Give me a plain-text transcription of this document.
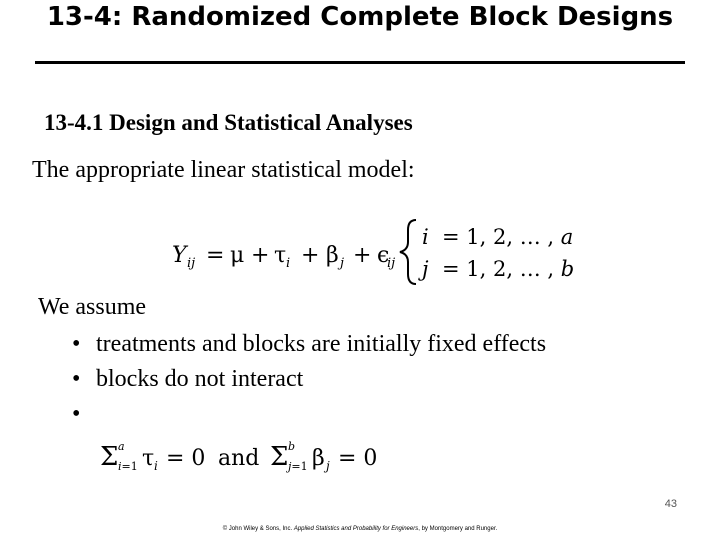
13-4: Randomized Complete Block Designs
13-4.1 Design and Statistical Analyses
The appropriate linear statistical model:
Y ij = μ + τ i + β j + ϵ
ij
i = 1, 2, … , a
j = 1, 2, … , b
We assume
• treatments and blocks are initially fixed effects
• blocks do not interact
•
Σ a
i=1 τ i = 0 and Σ b
j=1 β j = 0
43
© John Wiley & Sons, Inc. Applied Statistics and Probability for Engineers, by Montgomery and Runger.
